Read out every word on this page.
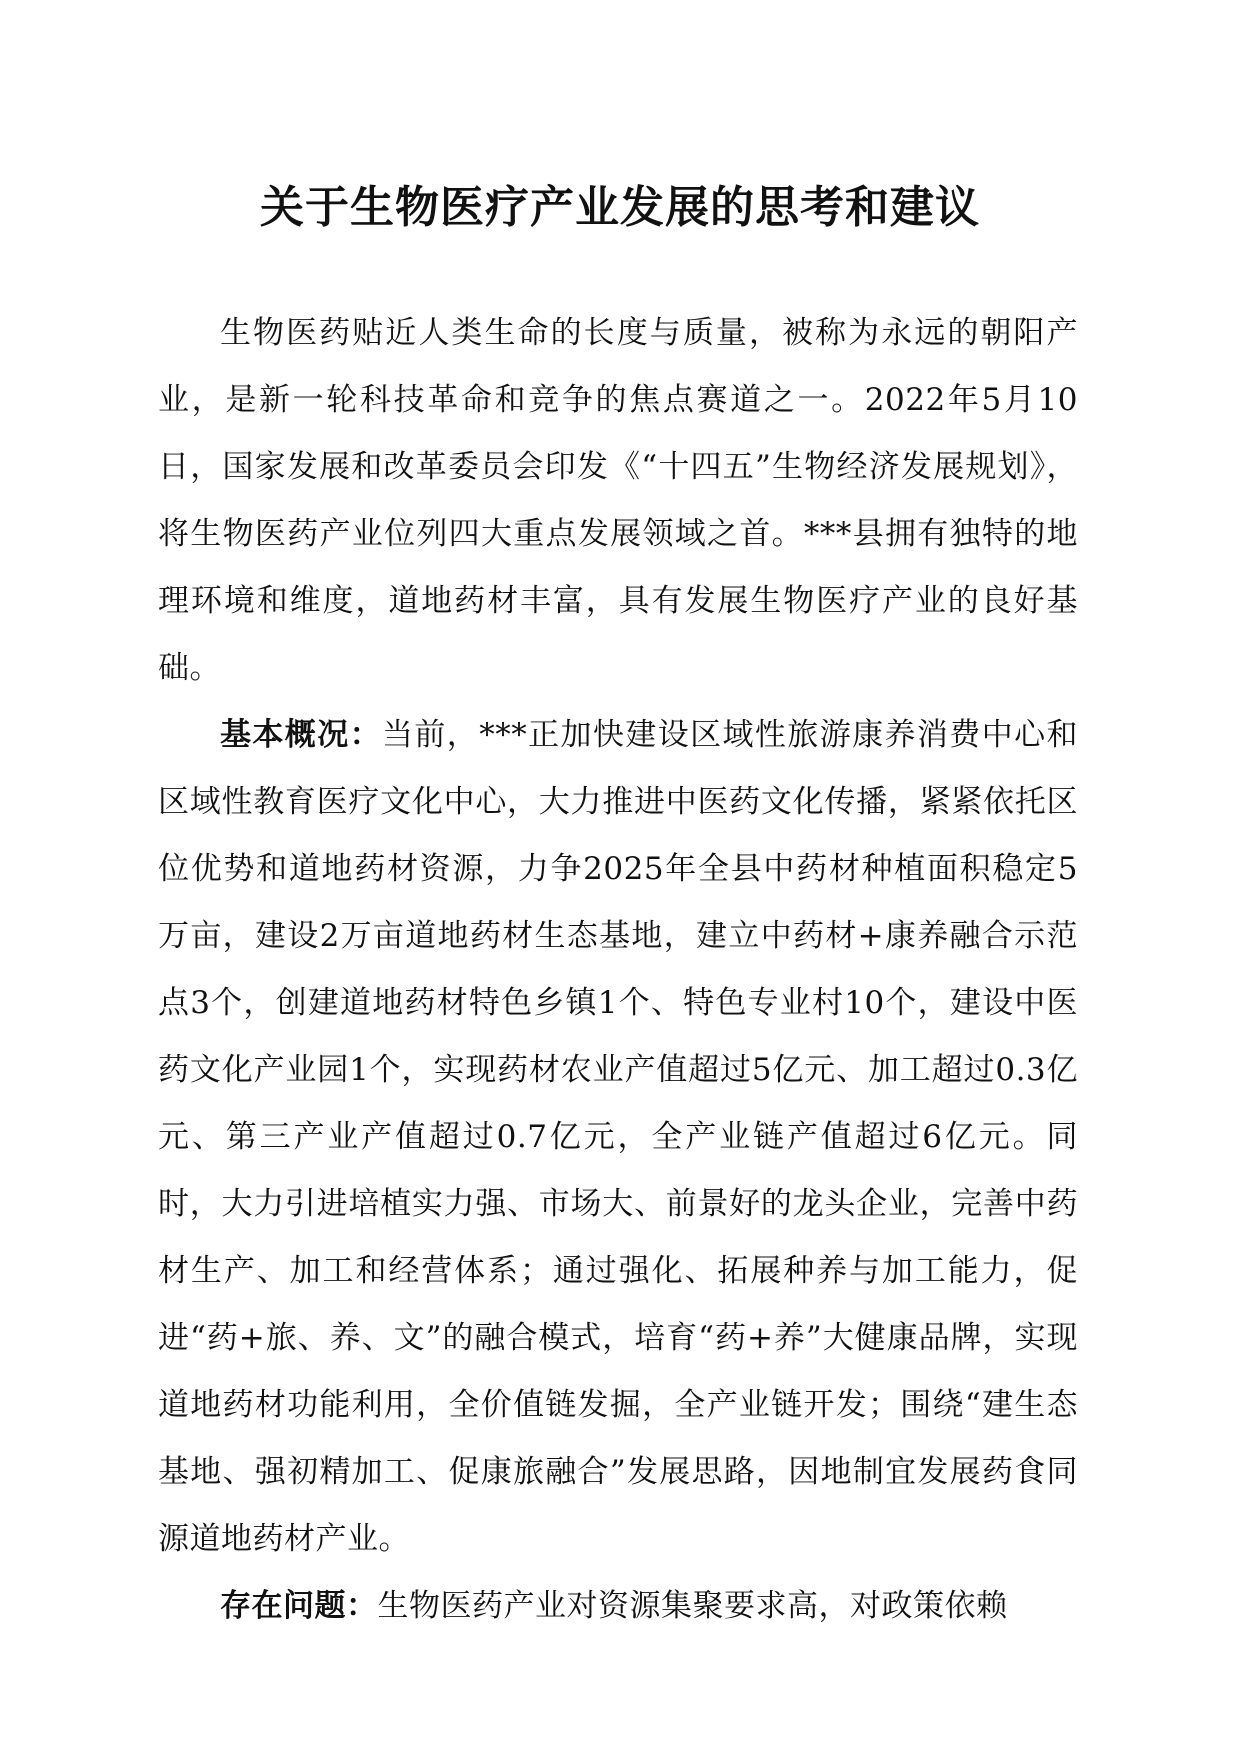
关于生物医疗产业发展的思考和建议

生物医药贴近人类生命的长度与质量，被称为永远的朝阳产业，是新一轮科技革命和竞争的焦点赛道之一。2022年5月10日，国家发展和改革委员会印发《“十四五”生物经济发展规划》，将生物医药产业位列四大重点发展领域之首。***县拥有独特的地理环境和维度，道地药材丰富，具有发展生物医疗产业的良好基础。

基本概况：当前，***正加快建设区域性旅游康养消费中心和区域性教育医疗文化中心，大力推进中医药文化传播，紧紧依托区位优势和道地药材资源，力争2025年全县中药材种植面积稳定5万亩，建设2万亩道地药材生态基地，建立中药材+康养融合示范点3个，创建道地药材特色乡镇1个、特色专业村10个，建设中医药文化产业园1个，实现药材农业产值超过5亿元、加工超过0.3亿元、第三产业产值超过0.7亿元，全产业链产值超过6亿元。同时，大力引进培植实力强、市场大、前景好的龙头企业，完善中药材生产、加工和经营体系；通过强化、拓展种养与加工能力，促进“药+旅、养、文”的融合模式，培育“药+养”大健康品牌，实现道地药材功能利用，全价值链发掘，全产业链开发；围绕“建生态基地、强初精加工、促康旅融合”发展思路，因地制宜发展药食同源道地药材产业。

存在问题：生物医药产业对资源集聚要求高，对政策依赖
